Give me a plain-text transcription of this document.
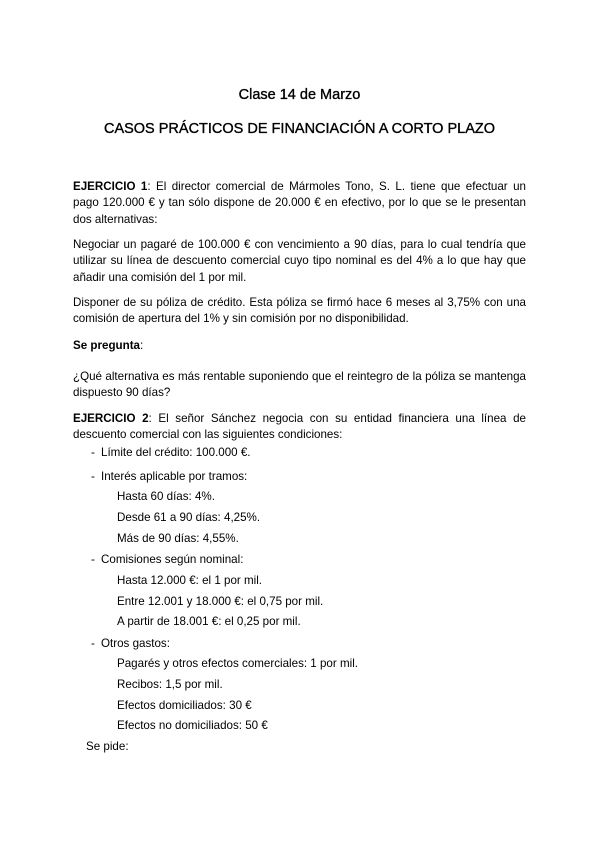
Clase 14 de Marzo
CASOS PRÁCTICOS DE FINANCIACIÓN A CORTO PLAZO

EJERCICIO 1: El director comercial de Mármoles Tono, S. L. tiene que efectuar un pago 120.000 € y tan sólo dispone de 20.000 € en efectivo, por lo que se le presentan dos alternativas:

Negociar un pagaré de 100.000 € con vencimiento a 90 días, para lo cual tendría que utilizar su línea de descuento comercial cuyo tipo nominal es del 4% a lo que hay que añadir una comisión del 1 por mil.

Disponer de su póliza de crédito. Esta póliza se firmó hace 6 meses al 3,75% con una comisión de apertura del 1% y sin comisión por no disponibilidad.

Se pregunta:

¿Qué alternativa es más rentable suponiendo que el reintegro de la póliza se mantenga dispuesto 90 días?

EJERCICIO 2: El señor Sánchez negocia con su entidad financiera una línea de descuento comercial con las siguientes condiciones:

- Límite del crédito: 100.000 €.
- Interés aplicable por tramos:
Hasta 60 días: 4%.
Desde 61 a 90 días: 4,25%.
Más de 90 días: 4,55%.
- Comisiones según nominal:
Hasta 12.000 €: el 1 por mil.
Entre 12.001 y 18.000 €: el 0,75 por mil.
A partir de 18.001 €: el 0,25 por mil.
- Otros gastos:
Pagarés y otros efectos comerciales: 1 por mil.
Recibos: 1,5 por mil.
Efectos domiciliados: 30 €
Efectos no domiciliados: 50 €
Se pide:
